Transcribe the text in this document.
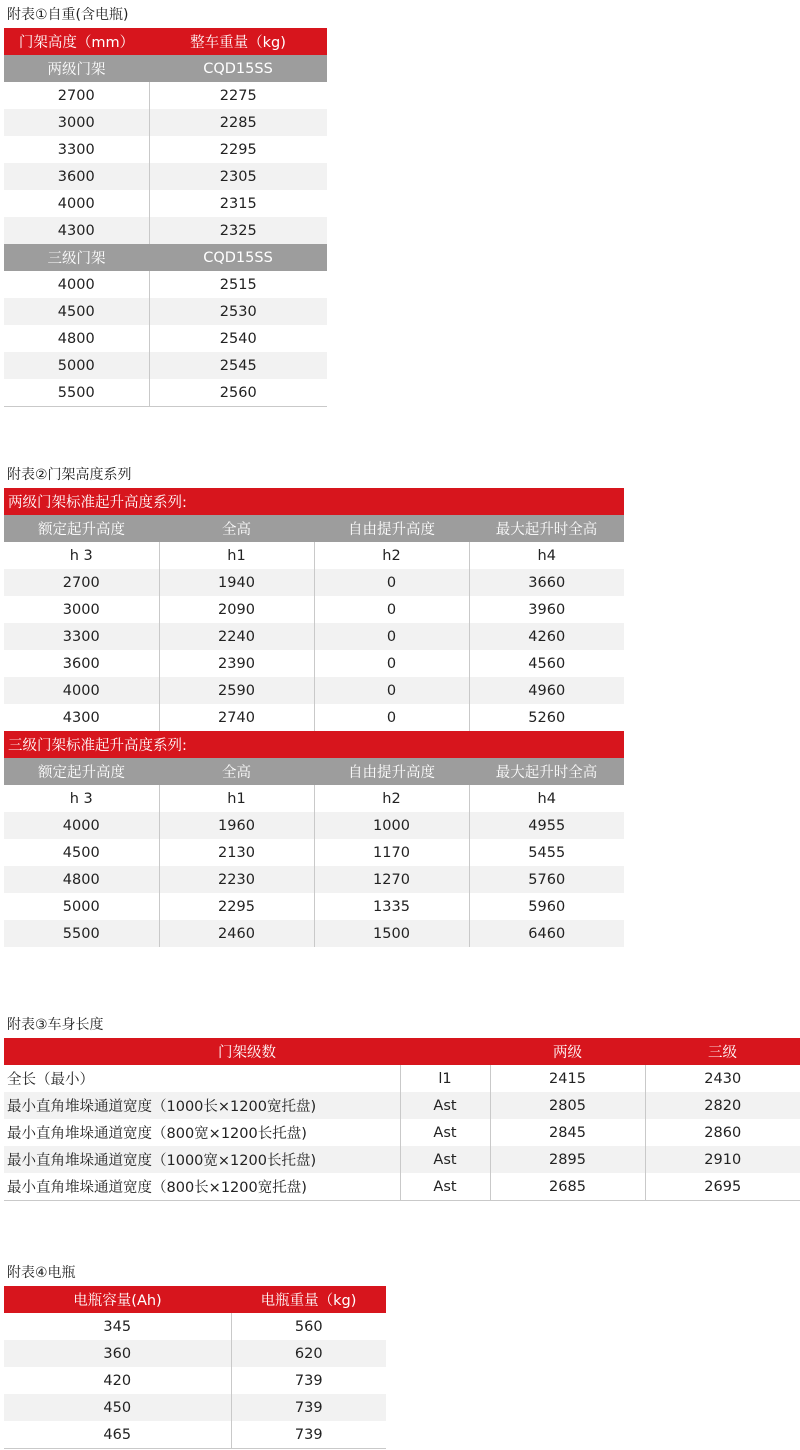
附表①自重(含电瓶)
门架高度（mm）	整车重量（kg)
两级门架	CQD15SS
2700	2275
3000	2285
3300	2295
3600	2305
4000	2315
4300	2325
三级门架	CQD15SS
4000	2515
4500	2530
4800	2540
5000	2545
5500	2560
附表②门架高度系列
两级门架标准起升高度系列:			
额定起升高度	全高	自由提升高度	最大起升时全高
h 3	h1	h2	h4
2700	1940	0	3660
3000	2090	0	3960
3300	2240	0	4260
3600	2390	0	4560
4000	2590	0	4960
4300	2740	0	5260
三级门架标准起升高度系列:			
额定起升高度	全高	自由提升高度	最大起升时全高
h 3	h1	h2	h4
4000	1960	1000	4955
4500	2130	1170	5455
4800	2230	1270	5760
5000	2295	1335	5960
5500	2460	1500	6460
附表③车身长度
门架级数		两级	三级
全长（最小）	l1	2415	2430
最小直角堆垛通道宽度（1000长×1200宽托盘)	Ast	2805	2820
最小直角堆垛通道宽度（800宽×1200长托盘)	Ast	2845	2860
最小直角堆垛通道宽度（1000宽×1200长托盘)	Ast	2895	2910
最小直角堆垛通道宽度（800长×1200宽托盘)	Ast	2685	2695
附表④电瓶
电瓶容量(Ah)	电瓶重量（kg)
345	560
360	620
420	739
450	739
465	739
